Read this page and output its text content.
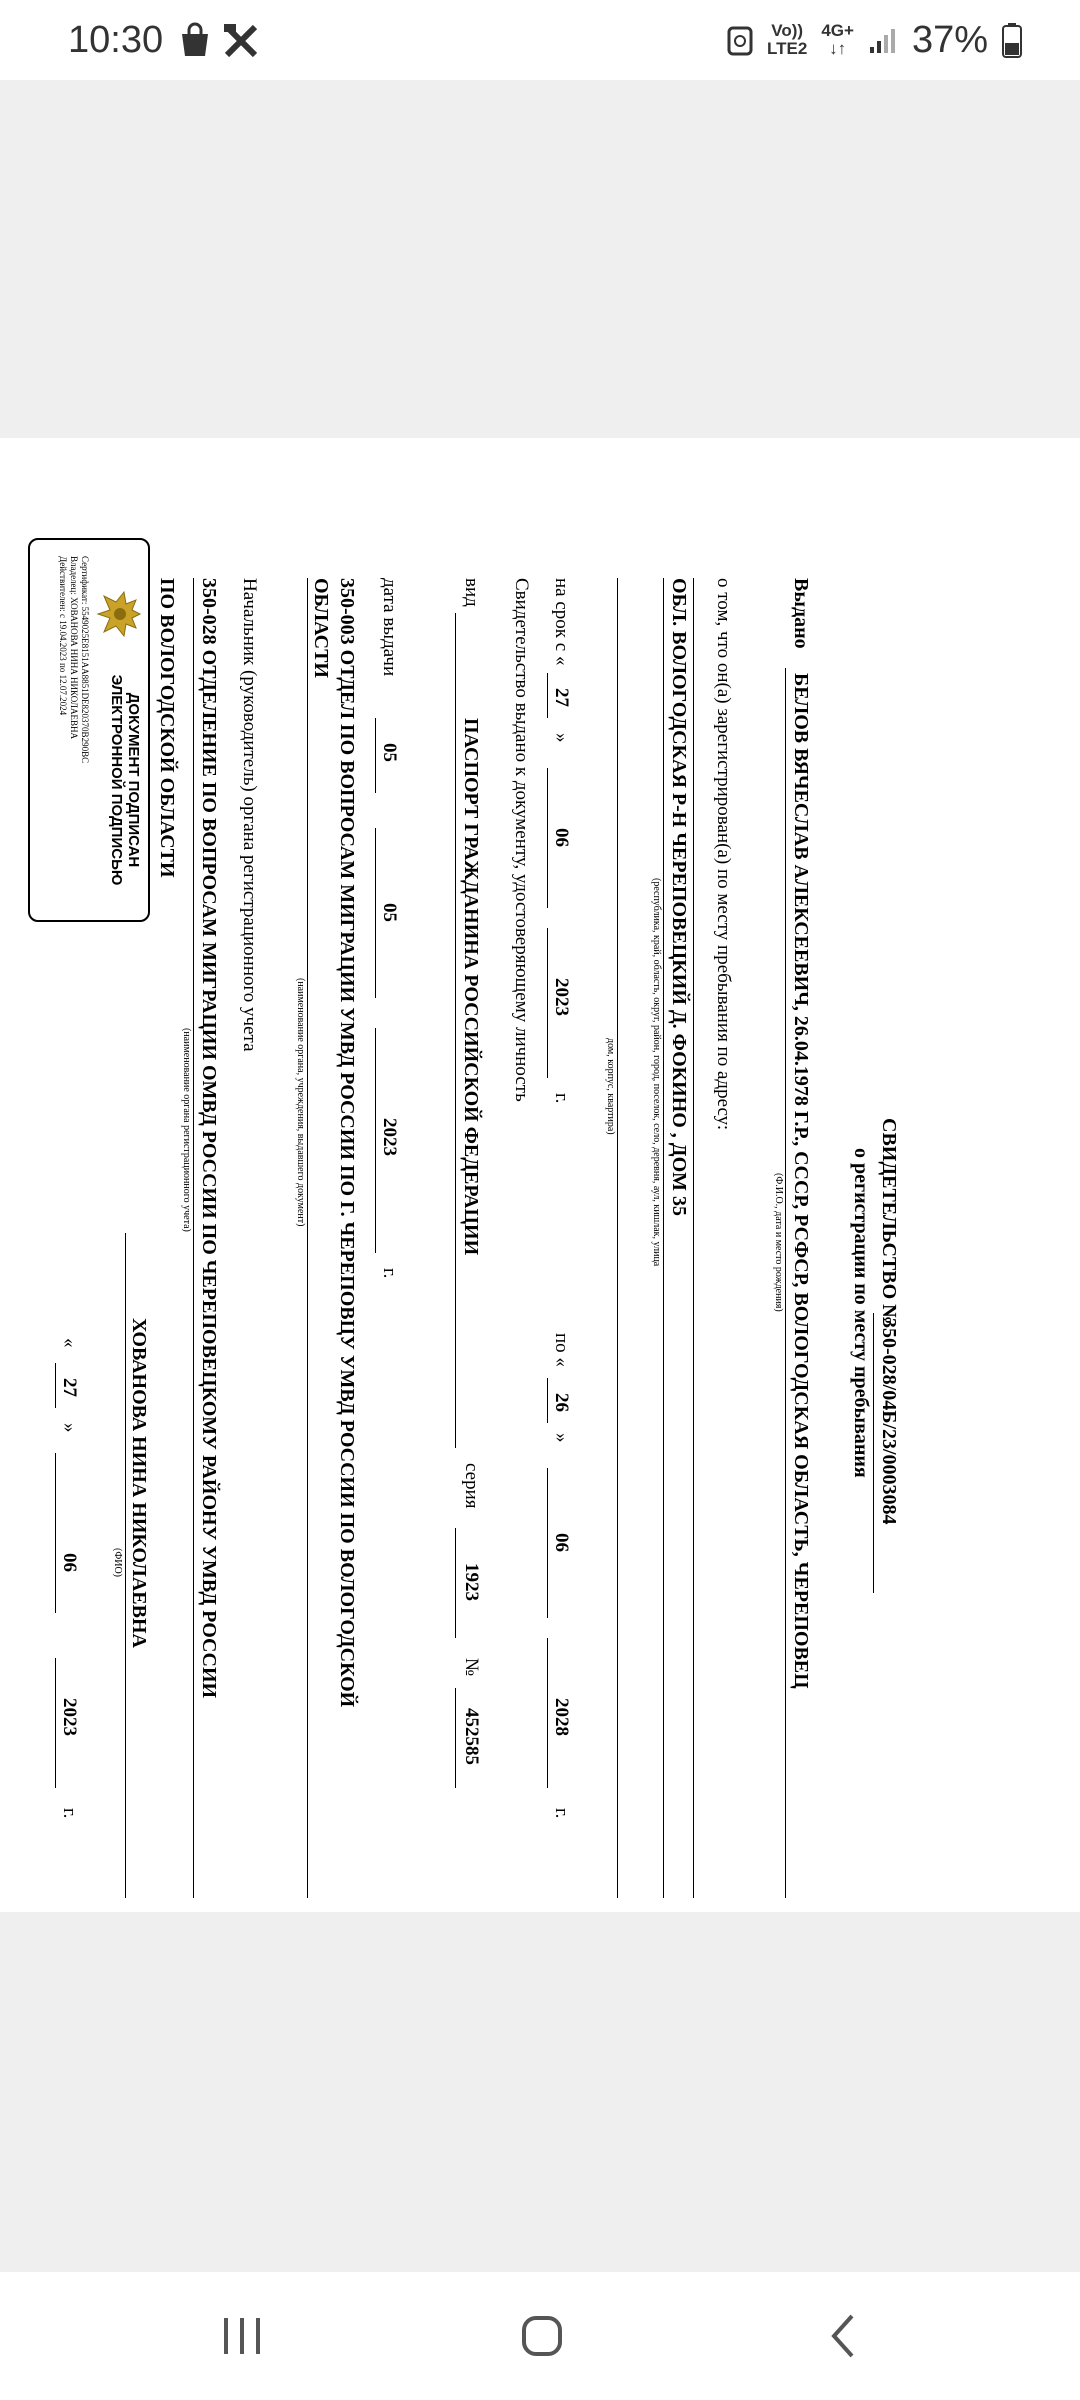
10:30	Vo))
LTE2
4G+
↓↑ 37%
СВИДЕТЕЛЬСТВО №
350-028/04Б/23/0003084
о регистрации по месту пребывания
Выдано
БЕЛОВ ВЯЧЕСЛАВ АЛЕКСЕЕВИЧ, 26.04.1978 Г.Р., СССР, РСФСР, ВОЛОГОДСКАЯ ОБЛАСТЬ, ЧЕРЕПОВЕЦ
(Ф.И.О., дата и место рождения)
о том, что он(а) зарегистрирован(а) по месту пребывания по адресу:
ОБЛ. ВОЛОГОДСКАЯ Р-Н ЧЕРЕПОВЕЦКИЙ Д. ФОКИНО , ДОМ 35
(республика, край, область, округ, район, город, поселок, село, деревня, аул, кишлак, улица
дом, корпус, квартира)
на срок с «
27
»
06
2023
г.
по «
26
»
06
2028
г.
Свидетельство выдано к документу, удостоверяющему личность
вид
ПАСПОРТ ГРАЖДАНИНА РОССИЙСКОЙ ФЕДЕРАЦИИ
серия
1923
№
452585
дата выдачи
05
05
2023
г.
350-003 ОТДЕЛ ПО ВОПРОСАМ МИГРАЦИИ УМВД РОССИИ ПО Г. ЧЕРЕПОВЦУ УМВД РОССИИ ПО ВОЛОГОДСКОЙ
ОБЛАСТИ
(наименование органа, учреждения, выдавшего документ)
Начальник (руководитель) органа регистрационного учета
350-028 ОТДЕЛЕНИЕ ПО ВОПРОСАМ МИГРАЦИИ ОМВД РОССИИ ПО ЧЕРЕПОВЕЦКОМУ РАЙОНУ УМВД РОССИИ
(наименование органа регистрационного учета)
ПО ВОЛОГОДСКОЙ ОБЛАСТИ
ХОВАНОВА НИНА НИКОЛАЕВНА
(ФИО)
«
27
»
06
2023
г.
ДОКУМЕНТ ПОДПИСАН
ЭЛЕКТРОННОЙ ПОДПИСЬЮ
Сертификат: 5549025E8151AA8851DE820370B290BC
Владелец: ХОВАНОВА НИНА НИКОЛАЕВНА
Действителен: с 19.04.2023 по 12.07.2024
